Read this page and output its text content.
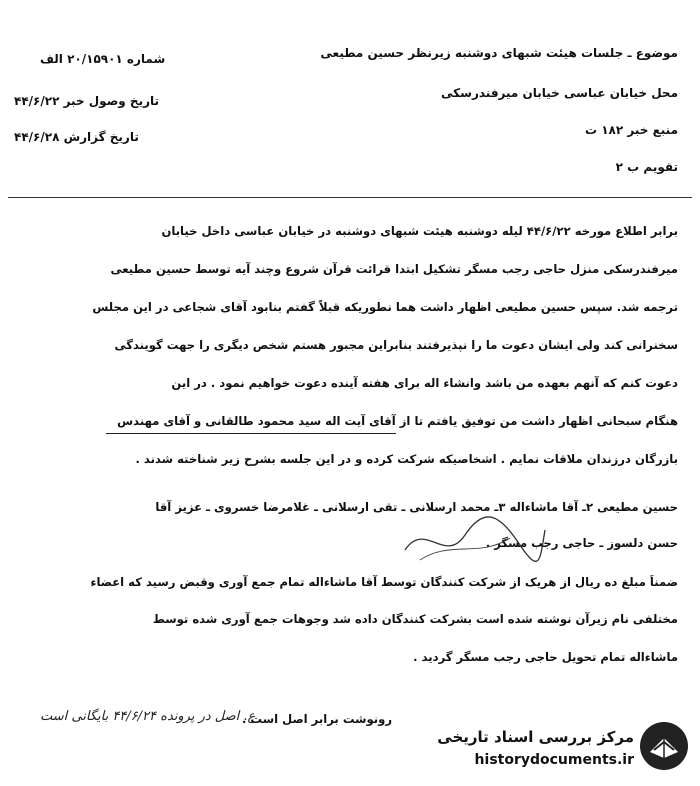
موضوع ـ جلسات هیئت شبهای دوشنبه زیرنظر حسین مطیعی
شماره ۲۰/۱۵۹۰۱ الف
محل خیابان عباسی خیابان میرفندرسکی
تاریخ وصول خبر ۴۴/۶/۲۲
منبع خبر ۱۸۲ ت
تاریخ گزارش ۴۴/۶/۲۸
تقویم ب ۲
برابر اطلاع مورخه ۴۴/۶/۲۲ لیله دوشنبه هیئت شبهای دوشنبه در خیابان عباسی داخل خیابان
میرفندرسکی منزل حاجی رجب مسگر تشکیل ابتدا قرائت قرآن شروع وچند آیه توسط حسین مطیعی
ترجمه شد. سپس حسین مطیعی اظهار داشت هما نطوریکه قبلاً گفتم بنابود آقای شجاعی در این مجلس
سخنرانی کند ولی ایشان دعوت ما را نپذیرفتند بنابراین مجبور هستم شخص دیگری را جهت گویندگی
دعوت کنم که آنهم بعهده من باشد وانشاء اله برای هفته آینده دعوت خواهیم نمود . در این
هنگام سبحانی اظهار داشت من توفیق یافتم تا از آقای آیت اله سید محمود طالقانی و آقای مهندس
بازرگان درزندان ملاقات نمایم . اشخاصیکه شرکت کرده و در این جلسه بشرح زیر شناخته شدند .
حسین مطیعی ۲ـ آقا ماشاءاله ۳ـ محمد ارسلانی ـ تقی ارسلانی ـ غلامرضا خسروی ـ عزیز آقا
حسن دلسوز ـ حاجی رجب مسگر .
ضمناً مبلغ ده ریال از هریک از شرکت کنندگان توسط آقا ماشاءاله تمام جمع آوری وقبض رسید که اعضاء
مختلفی نام زیرآن نوشته شده است بشرکت کنندگان داده شد وجوهات جمع آوری شده توسط
ماشاءاله تمام تحویل حاجی رجب مسگر گردید .
رونوشت برابر اصل است .
ع. اصل در پرونده ۴۴/۶/۲۴ بایگانی است
مرکز بررسی اسناد تاریخی
historydocuments.ir
